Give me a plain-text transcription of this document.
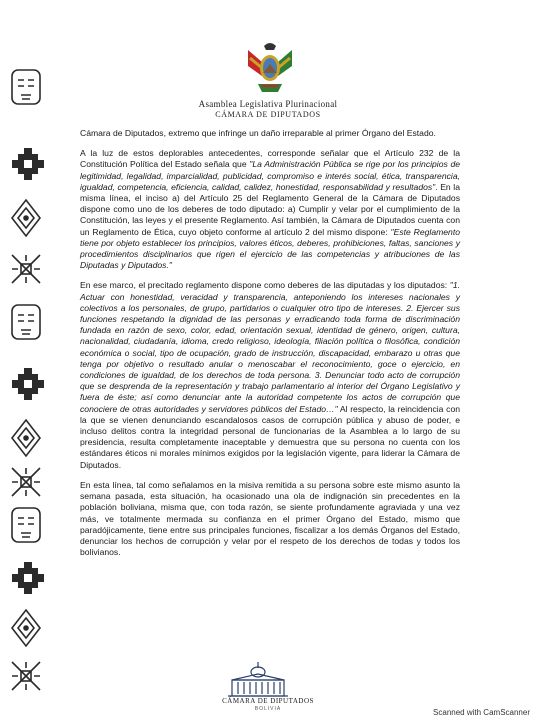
Asamblea Legislativa Plurinacional
CÁMARA DE DIPUTADOS

Cámara de Diputados, extremo que infringe un daño irreparable al primer Órgano del Estado.

A la luz de estos deplorables antecedentes, corresponde señalar que el Artículo 232 de la Constitución Política del Estado señala que "La Administración Pública se rige por los principios de legitimidad, legalidad, imparcialidad, publicidad, compromiso e interés social, ética, transparencia, igualdad, competencia, eficiencia, calidad, calidez, honestidad, responsabilidad y resultados". En la misma línea, el inciso a) del Artículo 25 del Reglamento General de la Cámara de Diputados dispone como uno de los deberes de todo diputado: a) Cumplir y velar por el cumplimiento de la Constitución, las leyes y el presente Reglamento. Así también, la Cámara de Diputados cuenta con un Reglamento de Ética, cuyo objeto conforme al artículo 2 del mismo dispone: "Este Reglamento tiene por objeto establecer los principios, valores éticos, deberes, prohibiciones, faltas, sanciones y procedimientos disciplinarios que rigen el ejercicio de las competencias y atribuciones de las Diputadas y Diputados."

En ese marco, el precitado reglamento dispone como deberes de las diputadas y los diputados: "1. Actuar con honestidad, veracidad y transparencia, anteponiendo los intereses nacionales y colectivos a los personales, de grupo, partidarios o cualquier otro tipo de intereses. 2. Ejercer sus funciones respetando la dignidad de las personas y erradicando toda forma de discriminación fundada en razón de sexo, color, edad, orientación sexual, identidad de género, origen, cultura, nacionalidad, ciudadanía, idioma, credo religioso, ideología, filiación política o filosófica, condición económica o social, tipo de ocupación, grado de instrucción, discapacidad, embarazo u otras que tenga por objetivo o resultado anular o menoscabar el reconocimiento, goce o ejercicio, en condiciones de igualdad, de los derechos de toda persona. 3. Denunciar todo acto de corrupción que se desprenda de la representación y trabajo parlamentario al interior del Órgano Legislativo y fuera de éste; así como denunciar ante la autoridad competente los actos de corrupción que conociere de otras autoridades y servidores públicos del Estado…" Al respecto, la reincidencia con la que se vienen denunciando escandalosos casos de corrupción pública y abuso de poder, e incluso delitos contra la integridad personal de funcionarias de la Asamblea a lo largo de su presidencia, resulta completamente inaceptable y demuestra que su persona no cuenta con los estándares éticos ni morales mínimos exigidos por la legislación vigente, para liderar la Cámara de Diputados.

En esta línea, tal como señalamos en la misiva remitida a su persona sobre este mismo asunto la semana pasada, esta situación, ha ocasionado una ola de indignación sin precedentes en la población boliviana, misma que, con toda razón, se siente profundamente agraviada y una vez más, ve totalmente mermada su confianza en el primer Órgano del Estado, mismo que paradójicamente, tiene entre sus principales funciones, fiscalizar a los demás Órganos del Estado, denunciar los hechos de corrupción y velar por el respeto de los derechos de todas y todos los bolivianos.

CÁMARA DE DIPUTADOS
BOLIVIA	Scanned with CamScanner
